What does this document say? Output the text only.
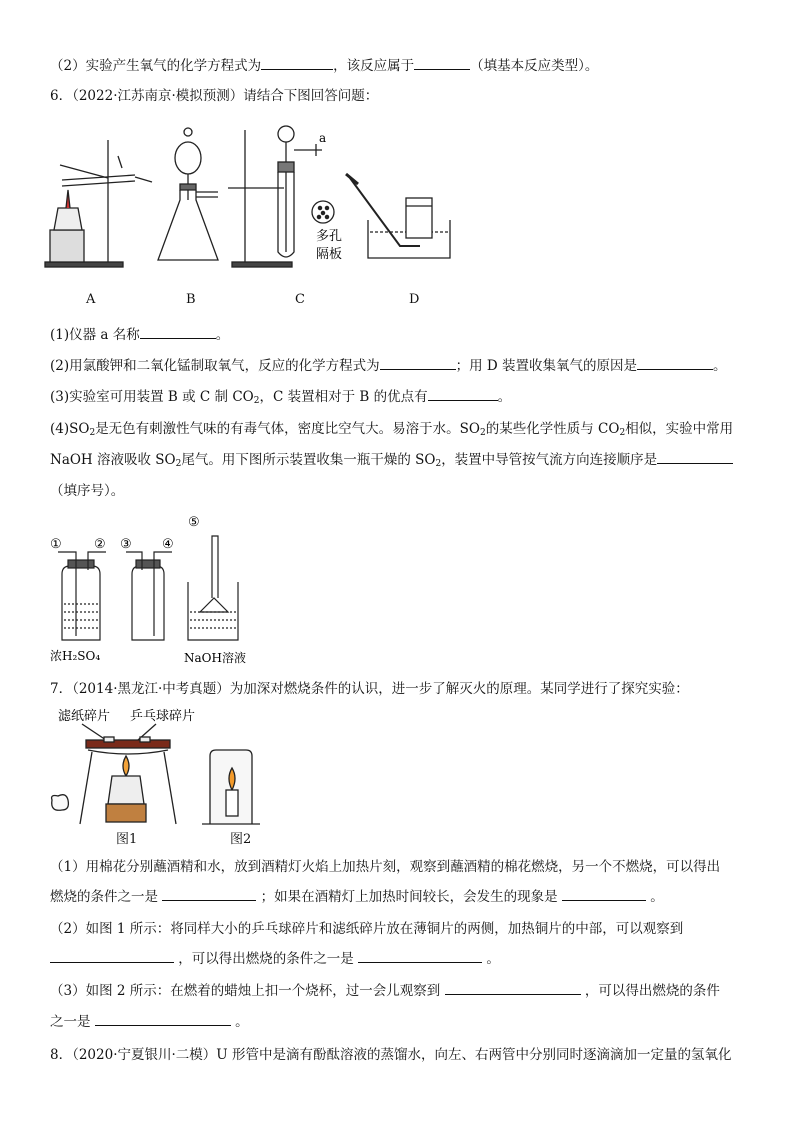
（2）实验产生氧气的化学方程式为	，该反应属于	（填基本反应类型）。
6．（2022·江苏南京·模拟预测）请结合下图回答问题：
a
多孔
隔板
A	B	C	D
(1)仪器 a 名称	。
(2)用氯酸钾和二氧化锰制取氧气，反应的化学方程式为	；用 D 装置收集氧气的原因是	。
(3)实验室可用装置 B 或 C 制 $CO_2$，C 装置相对于 B 的优点有	。
$(4)SO_2$是无色有刺激性气味的有毒气体，密度比空气大。易溶于水。$SO_2$的某些化学性质与 $CO_2$相似，实验中常用
NaOH 溶液吸收 $SO_2$尾气。用下图所示装置收集一瓶干燥的 $SO_2$，装置中导管按气流方向连接顺序是
（填序号）。
① ② ③ ④
⑤
浓H₂SO₄	NaOH溶液
7．（2014·黑龙江·中考真题）为加深对燃烧条件的认识，进一步了解灭火的原理。某同学进行了探究实验：
滤纸碎片 乒乓球碎片
图1	图2
（1）用棉花分别蘸酒精和水，放到酒精灯火焰上加热片刻，观察到蘸酒精的棉花燃烧，另一个不燃烧，可以得出
燃烧的条件之一是	；如果在酒精灯上加热时间较长，会发生的现象是	。
（2）如图 1 所示：将同样大小的乒乓球碎片和滤纸碎片放在薄铜片的两侧，加热铜片的中部，可以观察到
，可以得出燃烧的条件之一是	。
（3）如图 2 所示：在燃着的蜡烛上扣一个烧杯，过一会儿观察到	，可以得出燃烧的条件
之一是	。
8．（2020·宁夏银川·二模）U 形管中是滴有酚酞溶液的蒸馏水，向左、右两管中分别同时逐滴滴加一定量的氢氧化
